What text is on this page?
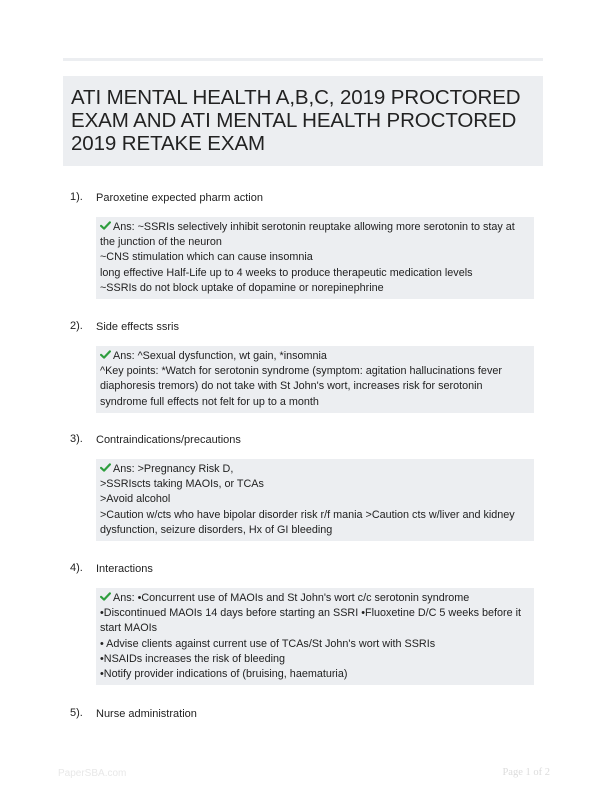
ATI MENTAL HEALTH A,B,C, 2019 PROCTORED EXAM AND ATI MENTAL HEALTH PROCTORED 2019 RETAKE EXAM
1). Paroxetine expected pharm action
Ans: ~SSRIs selectively inhibit serotonin reuptake allowing more serotonin to stay at the junction of the neuron
~CNS stimulation which can cause insomnia
long effective Half-Life up to 4 weeks to produce therapeutic medication levels
~SSRIs do not block uptake of dopamine or norepinephrine
2). Side effects ssris
Ans: ^Sexual dysfunction, wt gain, *insomnia
^Key points: *Watch for serotonin syndrome (symptom: agitation hallucinations fever diaphoresis tremors) do not take with St John's wort, increases risk for serotonin syndrome full effects not felt for up to a month
3). Contraindications/precautions
Ans: >Pregnancy Risk D,
>SSRIscts taking MAOIs, or TCAs
>Avoid alcohol
>Caution w/cts who have bipolar disorder risk r/f mania >Caution cts w/liver and kidney dysfunction, seizure disorders, Hx of GI bleeding
4). Interactions
Ans: •Concurrent use of MAOIs and St John's wort c/c serotonin syndrome
•Discontinued MAOIs 14 days before starting an SSRI •Fluoxetine D/C 5 weeks before it start MAOIs
• Advise clients against current use of TCAs/St John's wort with SSRIs
•NSAIDs increases the risk of bleeding
•Notify provider indications of (bruising, haematuria)
5). Nurse administration
PaperSBA.com	Page 1 of 2
